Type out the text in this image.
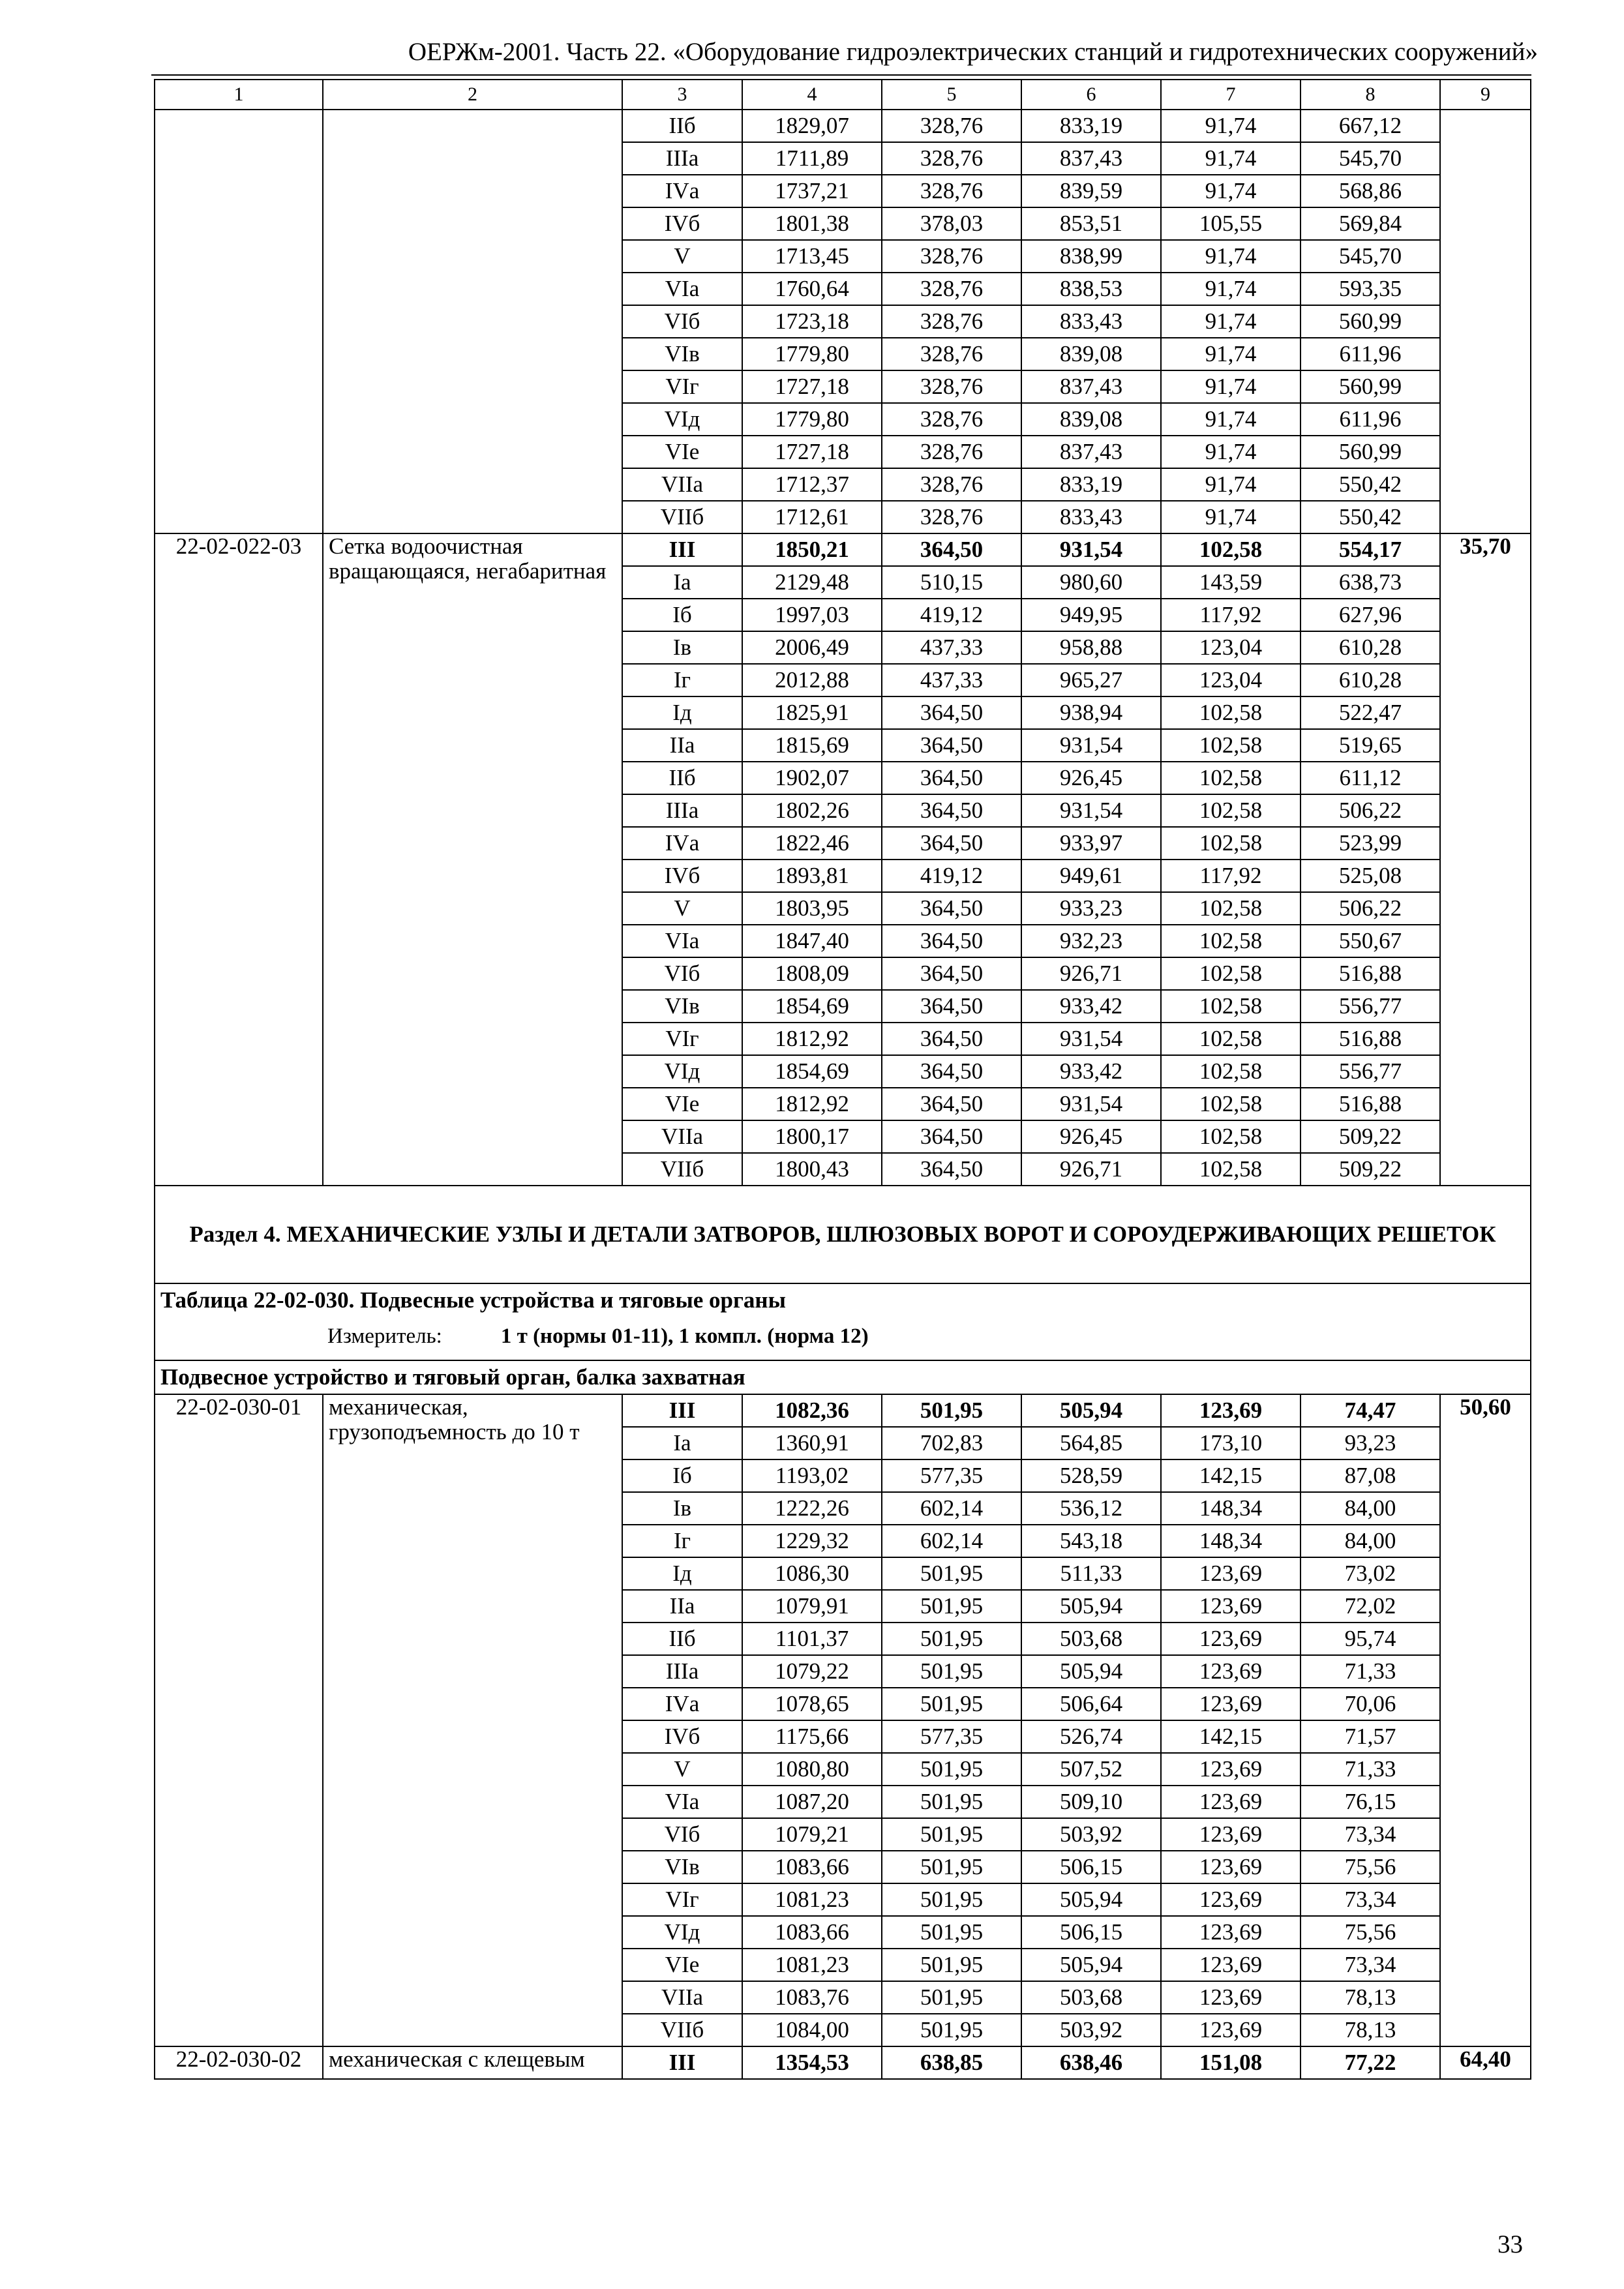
ОЕРЖм-2001. Часть 22. «Оборудование гидроэлектрических станций и гидротехнических сооружений»
1	2	3	4	5	6	7	8	9
		IIб	1829,07	328,76	833,19	91,74	667,12	
		IIIа	1711,89	328,76	837,43	91,74	545,70	
		IVа	1737,21	328,76	839,59	91,74	568,86	
		IVб	1801,38	378,03	853,51	105,55	569,84	
		V	1713,45	328,76	838,99	91,74	545,70	
		VIа	1760,64	328,76	838,53	91,74	593,35	
		VIб	1723,18	328,76	833,43	91,74	560,99	
		VIв	1779,80	328,76	839,08	91,74	611,96	
		VIг	1727,18	328,76	837,43	91,74	560,99	
		VIд	1779,80	328,76	839,08	91,74	611,96	
		VIе	1727,18	328,76	837,43	91,74	560,99	
		VIIа	1712,37	328,76	833,19	91,74	550,42	
		VIIб	1712,61	328,76	833,43	91,74	550,42	
22-02-022-03	Сетка водоочистная вращающаяся, негабаритная	III	1850,21	364,50	931,54	102,58	554,17	35,70
		Iа	2129,48	510,15	980,60	143,59	638,73	
		Iб	1997,03	419,12	949,95	117,92	627,96	
		Iв	2006,49	437,33	958,88	123,04	610,28	
		Iг	2012,88	437,33	965,27	123,04	610,28	
		Iд	1825,91	364,50	938,94	102,58	522,47	
		IIа	1815,69	364,50	931,54	102,58	519,65	
		IIб	1902,07	364,50	926,45	102,58	611,12	
		IIIа	1802,26	364,50	931,54	102,58	506,22	
		IVа	1822,46	364,50	933,97	102,58	523,99	
		IVб	1893,81	419,12	949,61	117,92	525,08	
		V	1803,95	364,50	933,23	102,58	506,22	
		VIа	1847,40	364,50	932,23	102,58	550,67	
		VIб	1808,09	364,50	926,71	102,58	516,88	
		VIв	1854,69	364,50	933,42	102,58	556,77	
		VIг	1812,92	364,50	931,54	102,58	516,88	
		VIд	1854,69	364,50	933,42	102,58	556,77	
		VIе	1812,92	364,50	931,54	102,58	516,88	
		VIIа	1800,17	364,50	926,45	102,58	509,22	
		VIIб	1800,43	364,50	926,71	102,58	509,22	
Раздел 4. МЕХАНИЧЕСКИЕ УЗЛЫ И ДЕТАЛИ ЗАТВОРОВ, ШЛЮЗОВЫХ ВОРОТ И СОРОУДЕРЖИВАЮЩИХ РЕШЕТОК								

Таблица 22-02-030. Подвесные устройства и тяговые органы
Измеритель: 1 т (нормы 01-11), 1 компл. (норма 12)								

Подвесное устройство и тяговый орган, балка захватная								
22-02-030-01	механическая, грузоподъемность до 10 т	III	1082,36	501,95	505,94	123,69	74,47	50,60
		Iа	1360,91	702,83	564,85	173,10	93,23	
		Iб	1193,02	577,35	528,59	142,15	87,08	
		Iв	1222,26	602,14	536,12	148,34	84,00	
		Iг	1229,32	602,14	543,18	148,34	84,00	
		Iд	1086,30	501,95	511,33	123,69	73,02	
		IIа	1079,91	501,95	505,94	123,69	72,02	
		IIб	1101,37	501,95	503,68	123,69	95,74	
		IIIа	1079,22	501,95	505,94	123,69	71,33	
		IVа	1078,65	501,95	506,64	123,69	70,06	
		IVб	1175,66	577,35	526,74	142,15	71,57	
		V	1080,80	501,95	507,52	123,69	71,33	
		VIа	1087,20	501,95	509,10	123,69	76,15	
		VIб	1079,21	501,95	503,92	123,69	73,34	
		VIв	1083,66	501,95	506,15	123,69	75,56	
		VIг	1081,23	501,95	505,94	123,69	73,34	
		VIд	1083,66	501,95	506,15	123,69	75,56	
		VIе	1081,23	501,95	505,94	123,69	73,34	
		VIIа	1083,76	501,95	503,68	123,69	78,13	
		VIIб	1084,00	501,95	503,92	123,69	78,13	
22-02-030-02	механическая с клещевым	III	1354,53	638,85	638,46	151,08	77,22	64,40
33
